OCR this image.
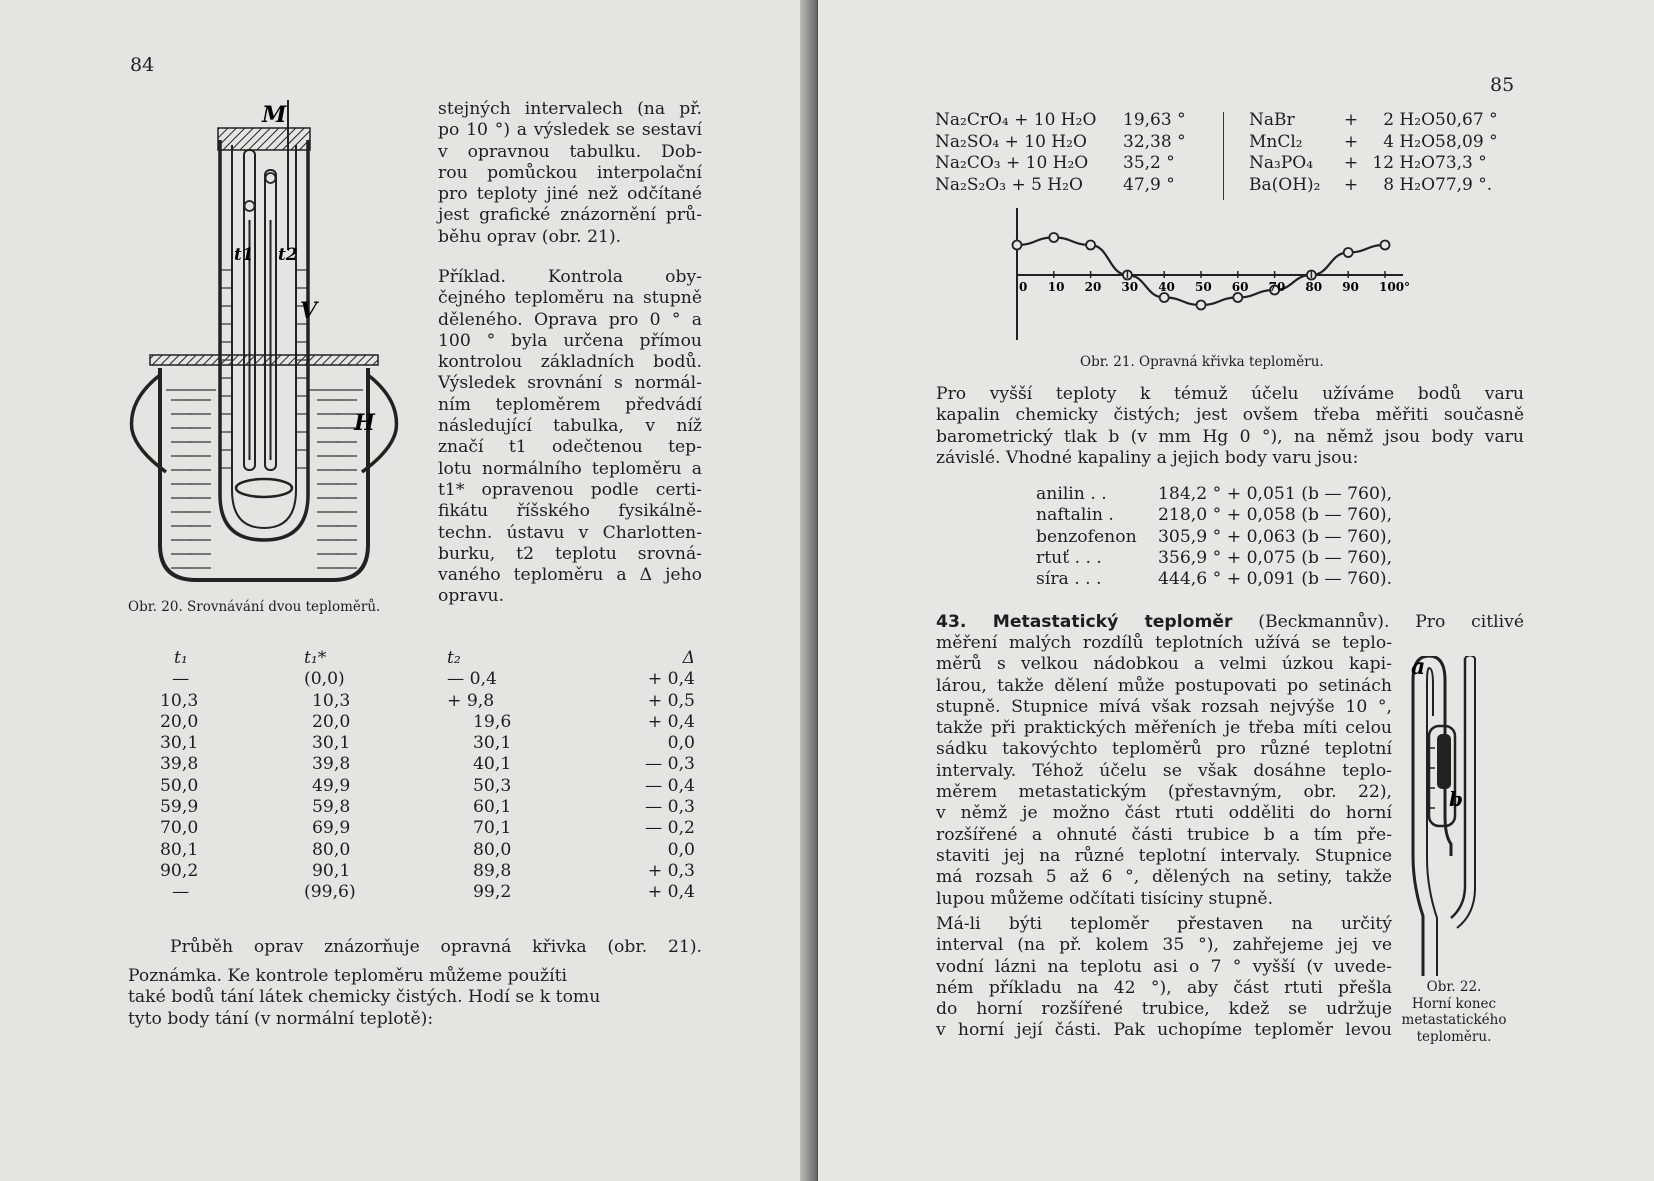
84
M
V
H
t1 t2
Obr. 20. Srovnávání dvou teploměrů.
stejných intervalech (na př.
po 10 °) a výsledek se sestaví
v opravnou tabulku. Dob-
rou pomůckou interpolační
pro teploty jiné než odčítané
jest grafické znázornění prů-
běhu oprav (obr. 21).
Příklad. Kontrola oby-
čejného teploměru na stupně
děleného. Oprava pro 0 ° a
100 ° byla určena přímou
kontrolou základních bodů.
Výsledek srovnání s normál-
ním teploměrem předvádí
následující tabulka, v níž
značí t1 odečtenou tep-
lotu normálního teploměru a
t1* opravenou podle certi-
fikátu říšského fysikálně-
techn. ústavu v Charlotten-
burku, t2 teplotu srovná-
vaného teploměru a Δ jeho
opravu.
t₁	t₁*	t₂	Δ
—	(0,0)	— 0,4	+ 0,4
10,3	10,3	+ 9,8	+ 0,5
20,0	20,0	19,6	+ 0,4
30,1	30,1	30,1	0,0
39,8	39,8	40,1	— 0,3
50,0	49,9	50,3	— 0,4
59,9	59,8	60,1	— 0,3
70,0	69,9	70,1	— 0,2
80,1	80,0	80,0	0,0
90,2	90,1	89,8	+ 0,3
—	(99,6)	99,2	+ 0,4
Průběh oprav znázorňuje opravná křivka (obr. 21).
Poznámka. Ke kontrole teploměru můžeme použíti
také bodů tání látek chemicky čistých. Hodí se k tomu
tyto body tání (v normální teplotě):
85
Na₂CrO₄ + 10 H₂O	19,63 °
Na₂SO₄ + 10 H₂O	32,38 °
Na₂CO₃ + 10 H₂O	35,2 °
Na₂S₂O₃ + 5 H₂O	47,9 °
NaBr	+	2 H₂O	50,67 °
MnCl₂	+	4 H₂O	58,09 °
Na₃PO₄	+	12 H₂O	73,3 °
Ba(OH)₂	+	8 H₂O	77,9 °.
0 10 20 30 40 50 60 70 80 90 100°
Obr. 21. Opravná křivka teploměru.
Pro vyšší teploty k témuž účelu užíváme bodů varu
kapalin chemicky čistých; jest ovšem třeba měřiti současně
barometrický tlak b (v mm Hg 0 °), na němž jsou body varu
závislé. Vhodné kapaliny a jejich body varu jsou:
anilin . .	184,2 ° + 0,051 (b — 760),
naftalin .	218,0 ° + 0,058 (b — 760),
benzofenon	305,9 ° + 0,063 (b — 760),
rtuť . . .	356,9 ° + 0,075 (b — 760),
síra . . .	444,6 ° + 0,091 (b — 760).
43. Metastatický teploměr (Beckmannův). Pro citlivé
měření malých rozdílů teplotních užívá se teplo-
měrů s velkou nádobkou a velmi úzkou kapi-
lárou, takže dělení může postupovati po setinách
stupně. Stupnice mívá však rozsah nejvýše 10 °,
takže při praktických měřeních je třeba míti celou
sádku takovýchto teploměrů pro různé teplotní
intervaly. Téhož účelu se však dosáhne teplo-
měrem metastatickým (přestavným, obr. 22),
v němž je možno část rtuti odděliti do horní
rozšířené a ohnuté části trubice b a tím pře-
staviti jej na různé teplotní intervaly. Stupnice
má rozsah 5 až 6 °, dělených na setiny, takže
lupou můžeme odčítati tisíciny stupně.
Má-li býti teploměr přestaven na určitý
interval (na př. kolem 35 °), zahřejeme jej ve
vodní lázni na teplotu asi o 7 ° vyšší (v uvede-
ném příkladu na 42 °), aby část rtuti přešla
do horní rozšířené trubice, kdež se udržuje
v horní její části. Pak uchopíme teploměr levou
a
b
Obr. 22.
Horní konec
metastatického
teploměru.
